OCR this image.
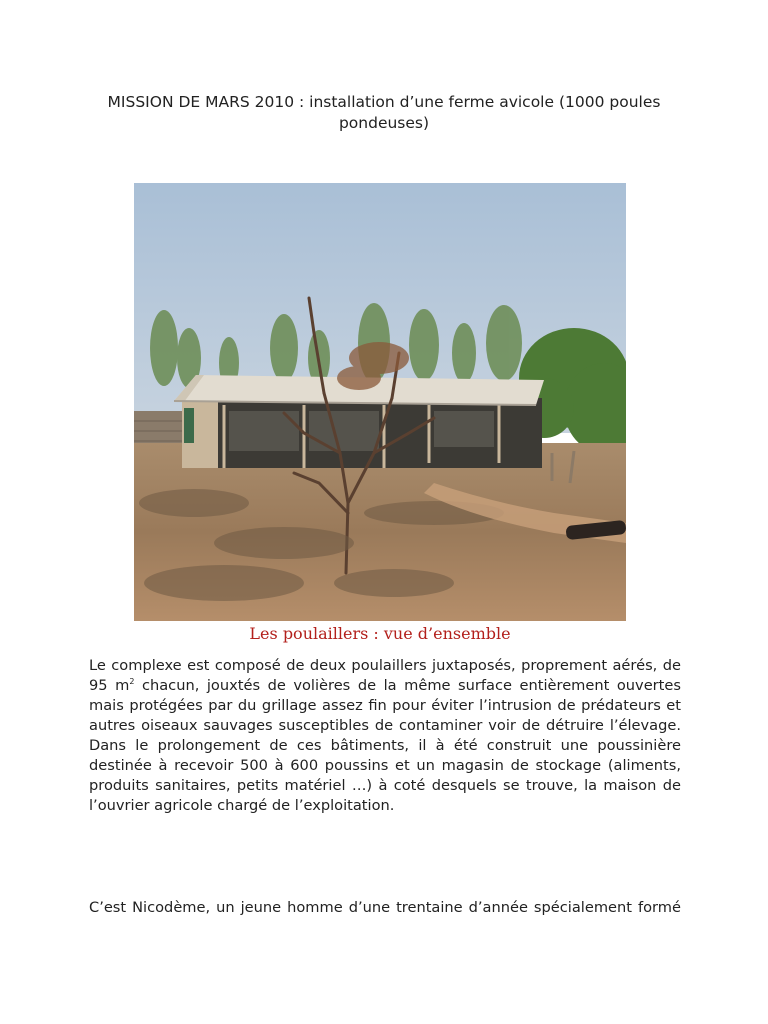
MISSION DE MARS 2010 : installation d’une ferme avicole (1000 poules pondeuses)
Les poulaillers : vue d’ensemble

Le complexe est composé de deux poulaillers juxtaposés, proprement aérés, de 95 $m^2$ chacun, jouxtés de volières de la même surface entièrement ouvertes mais protégées par du grillage assez fin pour éviter l’intrusion de prédateurs et autres oiseaux sauvages susceptibles de contaminer voir de détruire l’élevage. Dans le prolongement de ces bâtiments, il à été construit une poussinière destinée à recevoir 500 à 600 poussins et un magasin de stockage (aliments, produits sanitaires, petits matériel …) à coté desquels se trouve, la maison de l’ouvrier agricole chargé de l’exploitation.

C’est Nicodème, un jeune homme d’une trentaine d’année spécialement formé
